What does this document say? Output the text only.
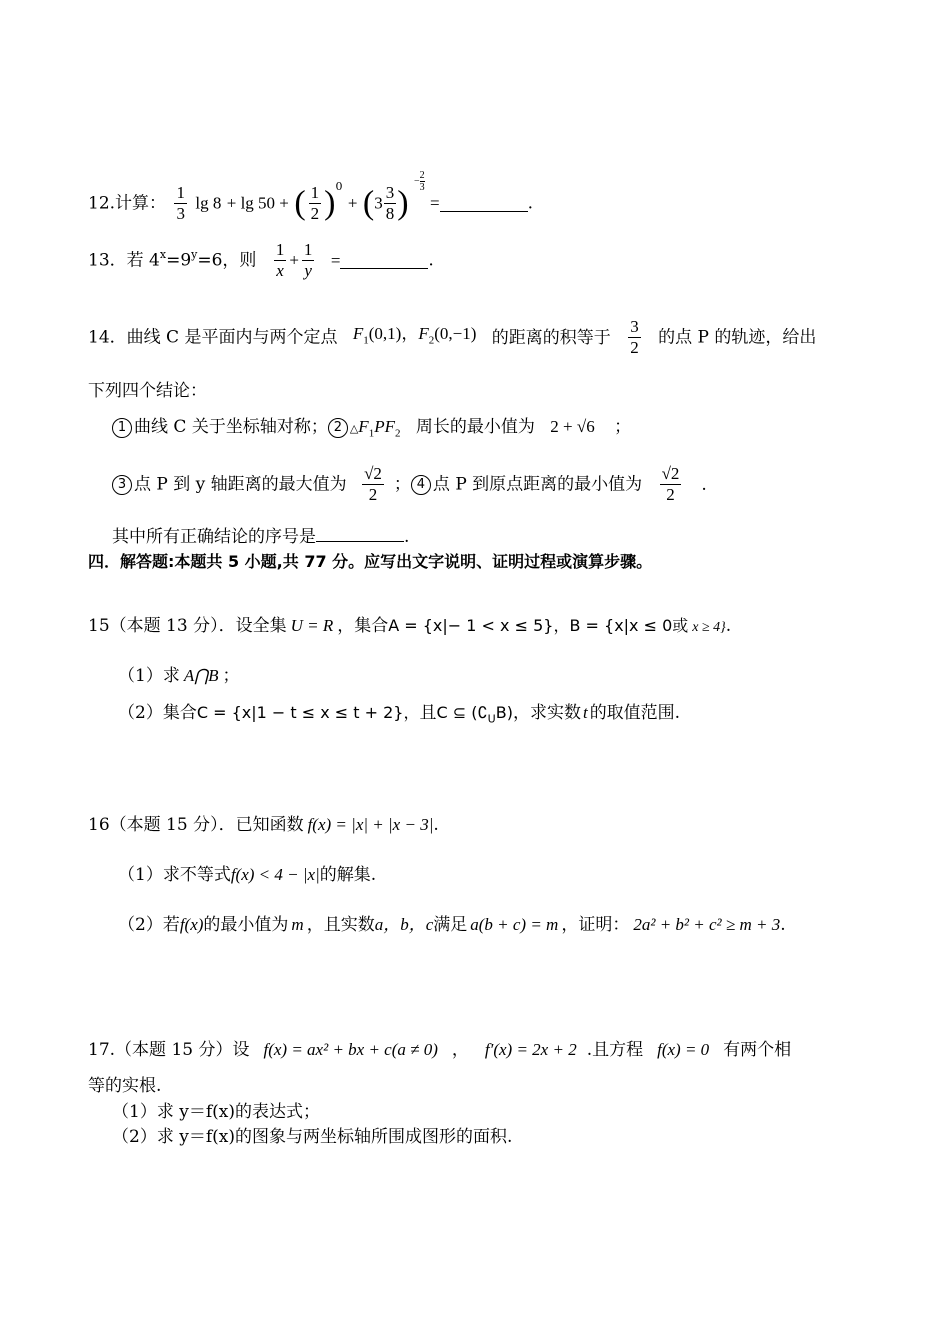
12.计算： $\frac{1}{3}$ lg 8 + lg 50 + ( $\frac{1}{2} )^0 + (3 \frac{3}{8}$ ) − $\frac{2}{3}$
=	.
13．若 $4^x=9^y=6$，则 $\frac{1}{x} + \frac{1}{y}$ =	.
14．曲线 C 是平面内与两个定点 $F_1(0,1)$，$F_2(0,-1)$ 的距离的积等于 $\frac{3}{2}$ 的点 P 的轨迹，给出
下列四个结论：
1 曲线 C 关于坐标轴对称； 2 $\triangle F_1PF_2$ 周长的最小值为 2 + √6 ；
3 点 P 到 y 轴距离的最大值为 $\frac{√2}{2}$ ； 4 点 P 到原点距离的最小值为 $\frac{√2}{2}$ .
其中所有正确结论的序号是	.
四．解答题:本题共 5 小题,共 77 分。应写出文字说明、证明过程或演算步骤。
15（本题 13 分）．设全集 U = R ，集合A = {x|− 1 < x ≤ 5}，B = {x|x ≤ 0或 x ≥ 4}.
（1）求 A⋂B ；
（2）集合C = {x|1 − t ≤ x ≤ t + 2}，且C ⊆ $(∁_UB)$，求实数 t 的取值范围.
16（本题 15 分）．已知函数 f(x) = |x| + |x − 3|.
（1）求不等式f(x) < 4 − |x|的解集.
（2）若f(x)的最小值为 m ，且实数a，b，c满足 a(b + c) = m ，证明： 2a² + b² + c² ≥ m + 3.
17.（本题 15 分）设 f(x) = ax² + bx + c(a ≠ 0) ， f′(x) = 2x + 2 .且方程 f(x) = 0 有两个相
等的实根.
（1）求 y＝f(x)的表达式；
（2）求 y＝f(x)的图象与两坐标轴所围成图形的面积.
